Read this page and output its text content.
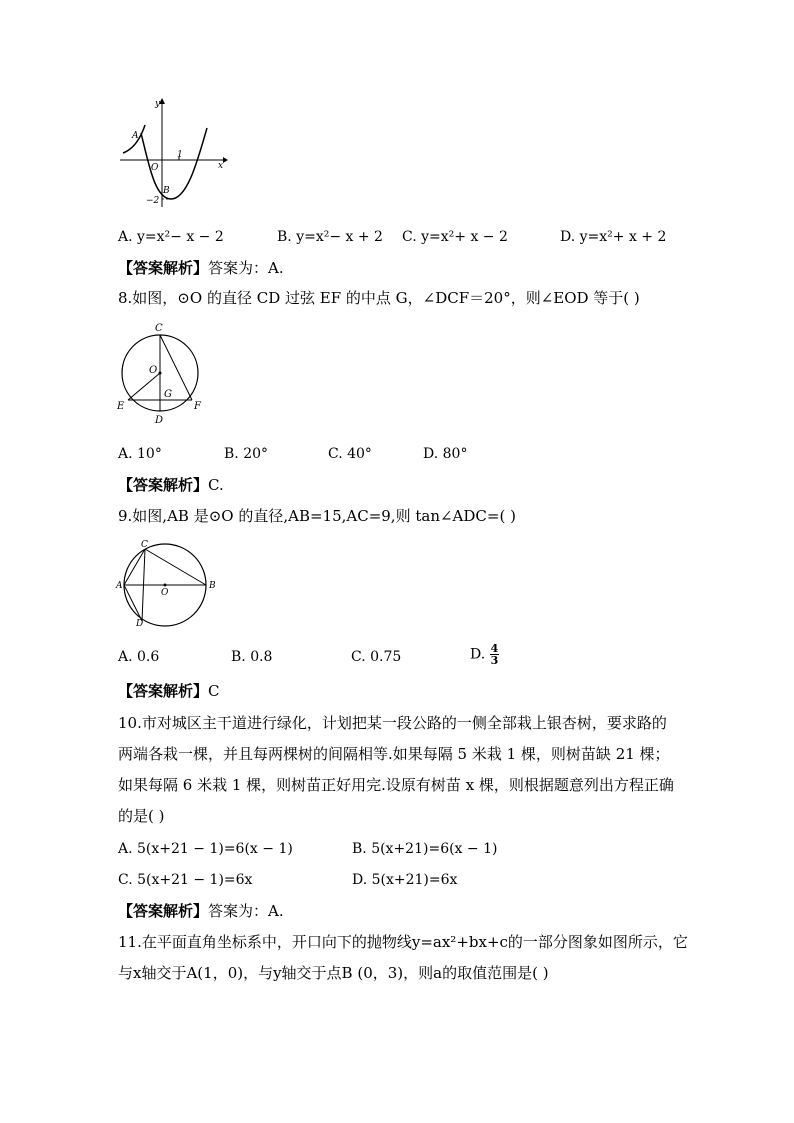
y
x
A
O
1
B
−2
A. y=x²− x − 2	B. y=x²− x + 2 C. y=x²+ x − 2	D. y=x²+ x + 2
【答案解析】答案为：A.
8.如图，⊙O 的直径 CD 过弦 EF 的中点 G，∠DCF＝20°，则∠EOD 等于( )
C
O
G
E	F
D
A. 10°	B. 20°	C. 40°	D. 80°
【答案解析】C.
9.如图,AB 是⊙O 的直径,AB=15,AC=9,则 tan∠ADC=( )
C
A
O
B
D
A. 0.6	B. 0.8	C. 0.75	D. $\frac{4}{3}$
【答案解析】C
10.市对城区主干道进行绿化，计划把某一段公路的一侧全部栽上银杏树，要求路的
两端各栽一棵，并且每两棵树的间隔相等.如果每隔 5 米栽 1 棵，则树苗缺 21 棵；
如果每隔 6 米栽 1 棵，则树苗正好用完.设原有树苗 x 棵，则根据题意列出方程正确
的是( )
A. 5(x+21 − 1)=6(x − 1)	B. 5(x+21)=6(x − 1)
C. 5(x+21 − 1)=6x	D. 5(x+21)=6x
【答案解析】答案为：A.
11.在平面直角坐标系中，开口向下的抛物线y=ax²+bx+c的一部分图象如图所示，它
与x轴交于A(1，0)，与y轴交于点B (0，3)，则a的取值范围是( )
